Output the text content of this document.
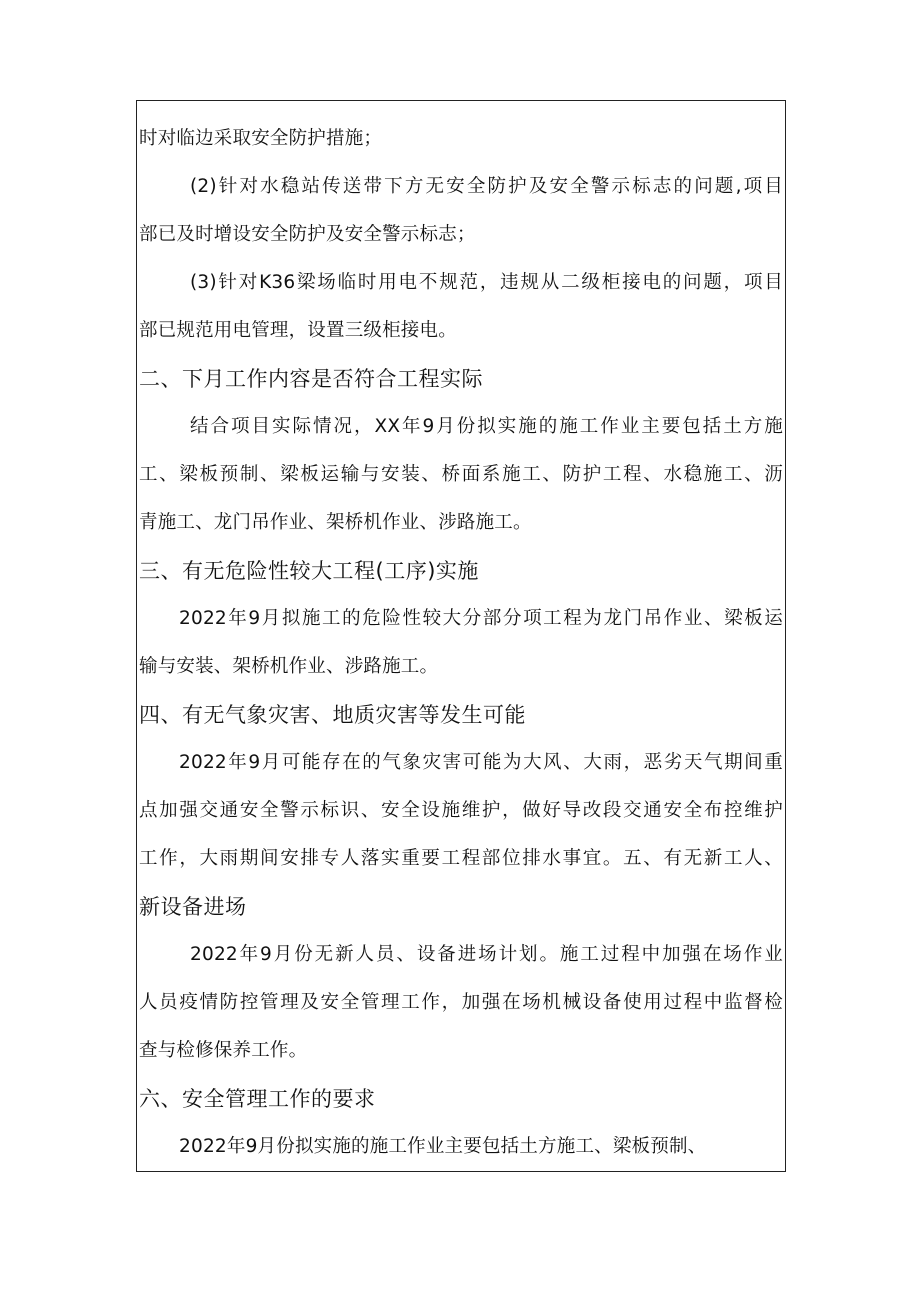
时对临边采取安全防护措施；
(2)针对水稳站传送带下方无安全防护及安全警示标志的问题,项目
部已及时增设安全防护及安全警示标志；
(3)针对K36梁场临时用电不规范，违规从二级柜接电的问题，项目
部已规范用电管理，设置三级柜接电。
二、下月工作内容是否符合工程实际
结合项目实际情况，XX年9月份拟实施的施工作业主要包括土方施
工、梁板预制、梁板运输与安装、桥面系施工、防护工程、水稳施工、沥
青施工、龙门吊作业、架桥机作业、涉路施工。
三、有无危险性较大工程(工序)实施
2022年9月拟施工的危险性较大分部分项工程为龙门吊作业、梁板运
输与安装、架桥机作业、涉路施工。
四、有无气象灾害、地质灾害等发生可能
2022年9月可能存在的气象灾害可能为大风、大雨，恶劣天气期间重
点加强交通安全警示标识、安全设施维护，做好导改段交通安全布控维护
工作，大雨期间安排专人落实重要工程部位排水事宜。五、有无新工人、
新设备进场
2022年9月份无新人员、设备进场计划。施工过程中加强在场作业
人员疫情防控管理及安全管理工作，加强在场机械设备使用过程中监督检
查与检修保养工作。
六、安全管理工作的要求
2022年9月份拟实施的施工作业主要包括土方施工、梁板预制、
